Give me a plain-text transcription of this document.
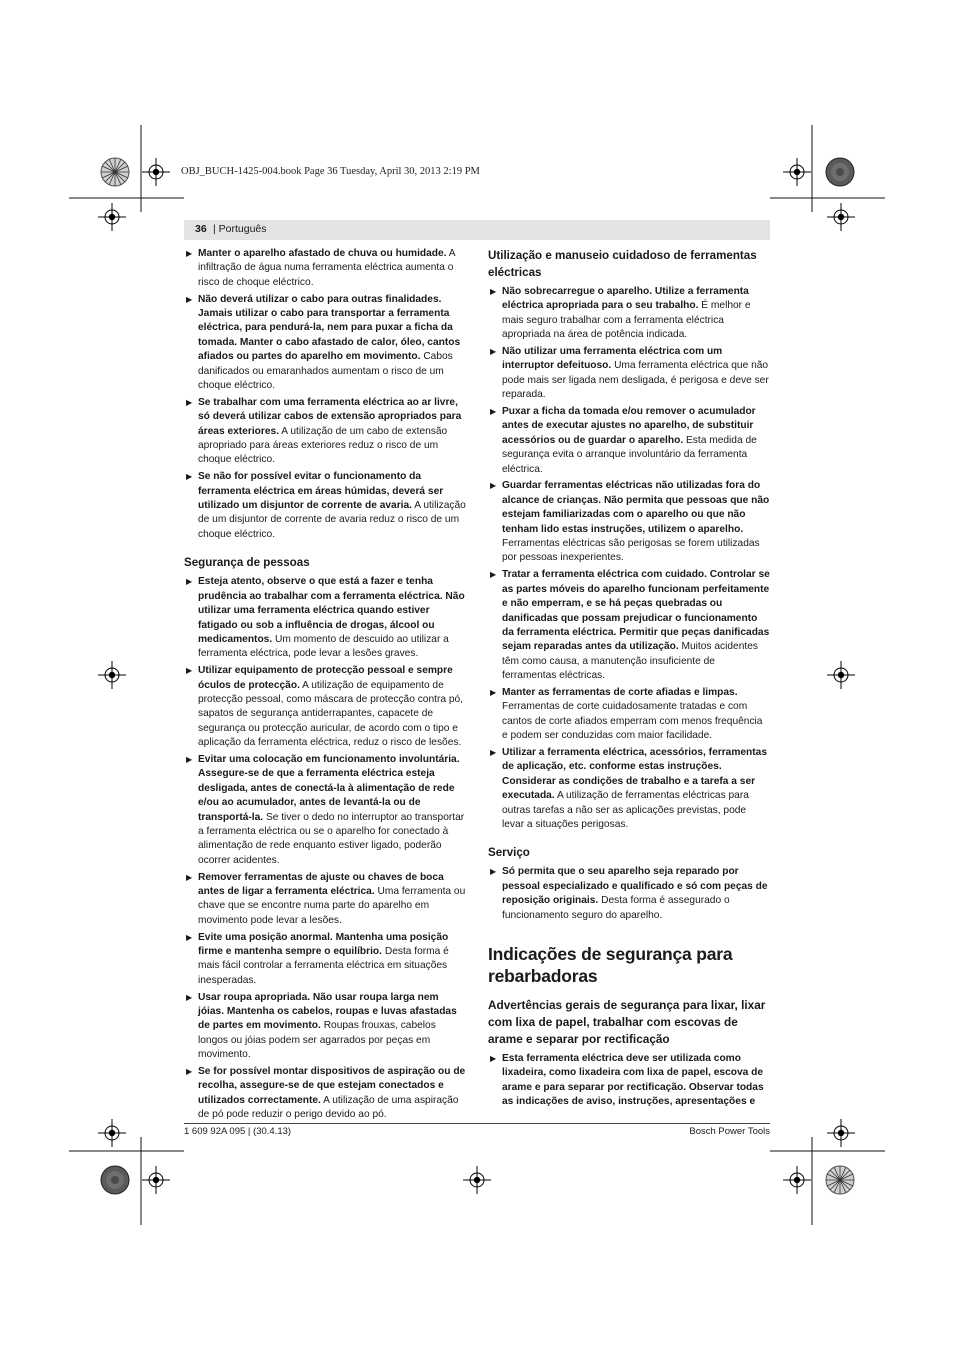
OBJ_BUCH-1425-004.book Page 36 Tuesday, April 30, 2013 2:19 PM
36 | Português
▶ Manter o aparelho afastado de chuva ou humidade. A infiltração de água numa ferramenta eléctrica aumenta o risco de choque eléctrico.
▶ Não deverá utilizar o cabo para outras finalidades. Jamais utilizar o cabo para transportar a ferramenta eléctrica, para pendurá-la, nem para puxar a ficha da tomada. Manter o cabo afastado de calor, óleo, cantos afiados ou partes do aparelho em movimento. Cabos danificados ou emaranhados aumentam o risco de um choque eléctrico.
▶ Se trabalhar com uma ferramenta eléctrica ao ar livre, só deverá utilizar cabos de extensão apropriados para áreas exteriores. A utilização de um cabo de extensão apropriado para áreas exteriores reduz o risco de um choque eléctrico.
▶ Se não for possível evitar o funcionamento da ferramenta eléctrica em áreas húmidas, deverá ser utilizado um disjuntor de corrente de avaria. A utilização de um disjuntor de corrente de avaria reduz o risco de um choque eléctrico.
Segurança de pessoas
▶ Esteja atento, observe o que está a fazer e tenha prudência ao trabalhar com a ferramenta eléctrica. Não utilizar uma ferramenta eléctrica quando estiver fatigado ou sob a influência de drogas, álcool ou medicamentos. Um momento de descuido ao utilizar a ferramenta eléctrica, pode levar a lesões graves.
▶ Utilizar equipamento de protecção pessoal e sempre óculos de protecção. A utilização de equipamento de protecção pessoal, como máscara de protecção contra pó, sapatos de segurança antiderrapantes, capacete de segurança ou protecção auricular, de acordo com o tipo e aplicação da ferramenta eléctrica, reduz o risco de lesões.
▶ Evitar uma colocação em funcionamento involuntária. Assegure-se de que a ferramenta eléctrica esteja desligada, antes de conectá-la à alimentação de rede e/ou ao acumulador, antes de levantá-la ou de transportá-la. Se tiver o dedo no interruptor ao transportar a ferramenta eléctrica ou se o aparelho for conectado à alimentação de rede enquanto estiver ligado, poderão ocorrer acidentes.
▶ Remover ferramentas de ajuste ou chaves de boca antes de ligar a ferramenta eléctrica. Uma ferramenta ou chave que se encontre numa parte do aparelho em movimento pode levar a lesões.
▶ Evite uma posição anormal. Mantenha uma posição firme e mantenha sempre o equilíbrio. Desta forma é mais fácil controlar a ferramenta eléctrica em situações inesperadas.
▶ Usar roupa apropriada. Não usar roupa larga nem jóias. Mantenha os cabelos, roupas e luvas afastadas de partes em movimento. Roupas frouxas, cabelos longos ou jóias podem ser agarrados por peças em movimento.
▶ Se for possível montar dispositivos de aspiração ou de recolha, assegure-se de que estejam conectados e utilizados correctamente. A utilização de uma aspiração de pó pode reduzir o perigo devido ao pó.
Utilização e manuseio cuidadoso de ferramentas eléctricas
▶ Não sobrecarregue o aparelho. Utilize a ferramenta eléctrica apropriada para o seu trabalho. É melhor e mais seguro trabalhar com a ferramenta eléctrica apropriada na área de potência indicada.
▶ Não utilizar uma ferramenta eléctrica com um interruptor defeituoso. Uma ferramenta eléctrica que não pode mais ser ligada nem desligada, é perigosa e deve ser reparada.
▶ Puxar a ficha da tomada e/ou remover o acumulador antes de executar ajustes no aparelho, de substituir acessórios ou de guardar o aparelho. Esta medida de segurança evita o arranque involuntário da ferramenta eléctrica.
▶ Guardar ferramentas eléctricas não utilizadas fora do alcance de crianças. Não permita que pessoas que não estejam familiarizadas com o aparelho ou que não tenham lido estas instruções, utilizem o aparelho. Ferramentas eléctricas são perigosas se forem utilizadas por pessoas inexperientes.
▶ Tratar a ferramenta eléctrica com cuidado. Controlar se as partes móveis do aparelho funcionam perfeitamente e não emperram, e se há peças quebradas ou danificadas que possam prejudicar o funcionamento da ferramenta eléctrica. Permitir que peças danificadas sejam reparadas antes da utilização. Muitos acidentes têm como causa, a manutenção insuficiente de ferramentas eléctricas.
▶ Manter as ferramentas de corte afiadas e limpas. Ferramentas de corte cuidadosamente tratadas e com cantos de corte afiados emperram com menos frequência e podem ser conduzidas com maior facilidade.
▶ Utilizar a ferramenta eléctrica, acessórios, ferramentas de aplicação, etc. conforme estas instruções. Considerar as condições de trabalho e a tarefa a ser executada. A utilização de ferramentas eléctricas para outras tarefas a não ser as aplicações previstas, pode levar a situações perigosas.
Serviço
▶ Só permita que o seu aparelho seja reparado por pessoal especializado e qualificado e só com peças de reposição originais. Desta forma é assegurado o funcionamento seguro do aparelho.
Indicações de segurança para rebarbadoras
Advertências gerais de segurança para lixar, lixar com lixa de papel, trabalhar com escovas de arame e separar por rectificação
▶ Esta ferramenta eléctrica deve ser utilizada como lixadeira, como lixadeira com lixa de papel, escova de arame e para separar por rectificação. Observar todas as indicações de aviso, instruções, apresentações e
1 609 92A 095 | (30.4.13)	Bosch Power Tools
